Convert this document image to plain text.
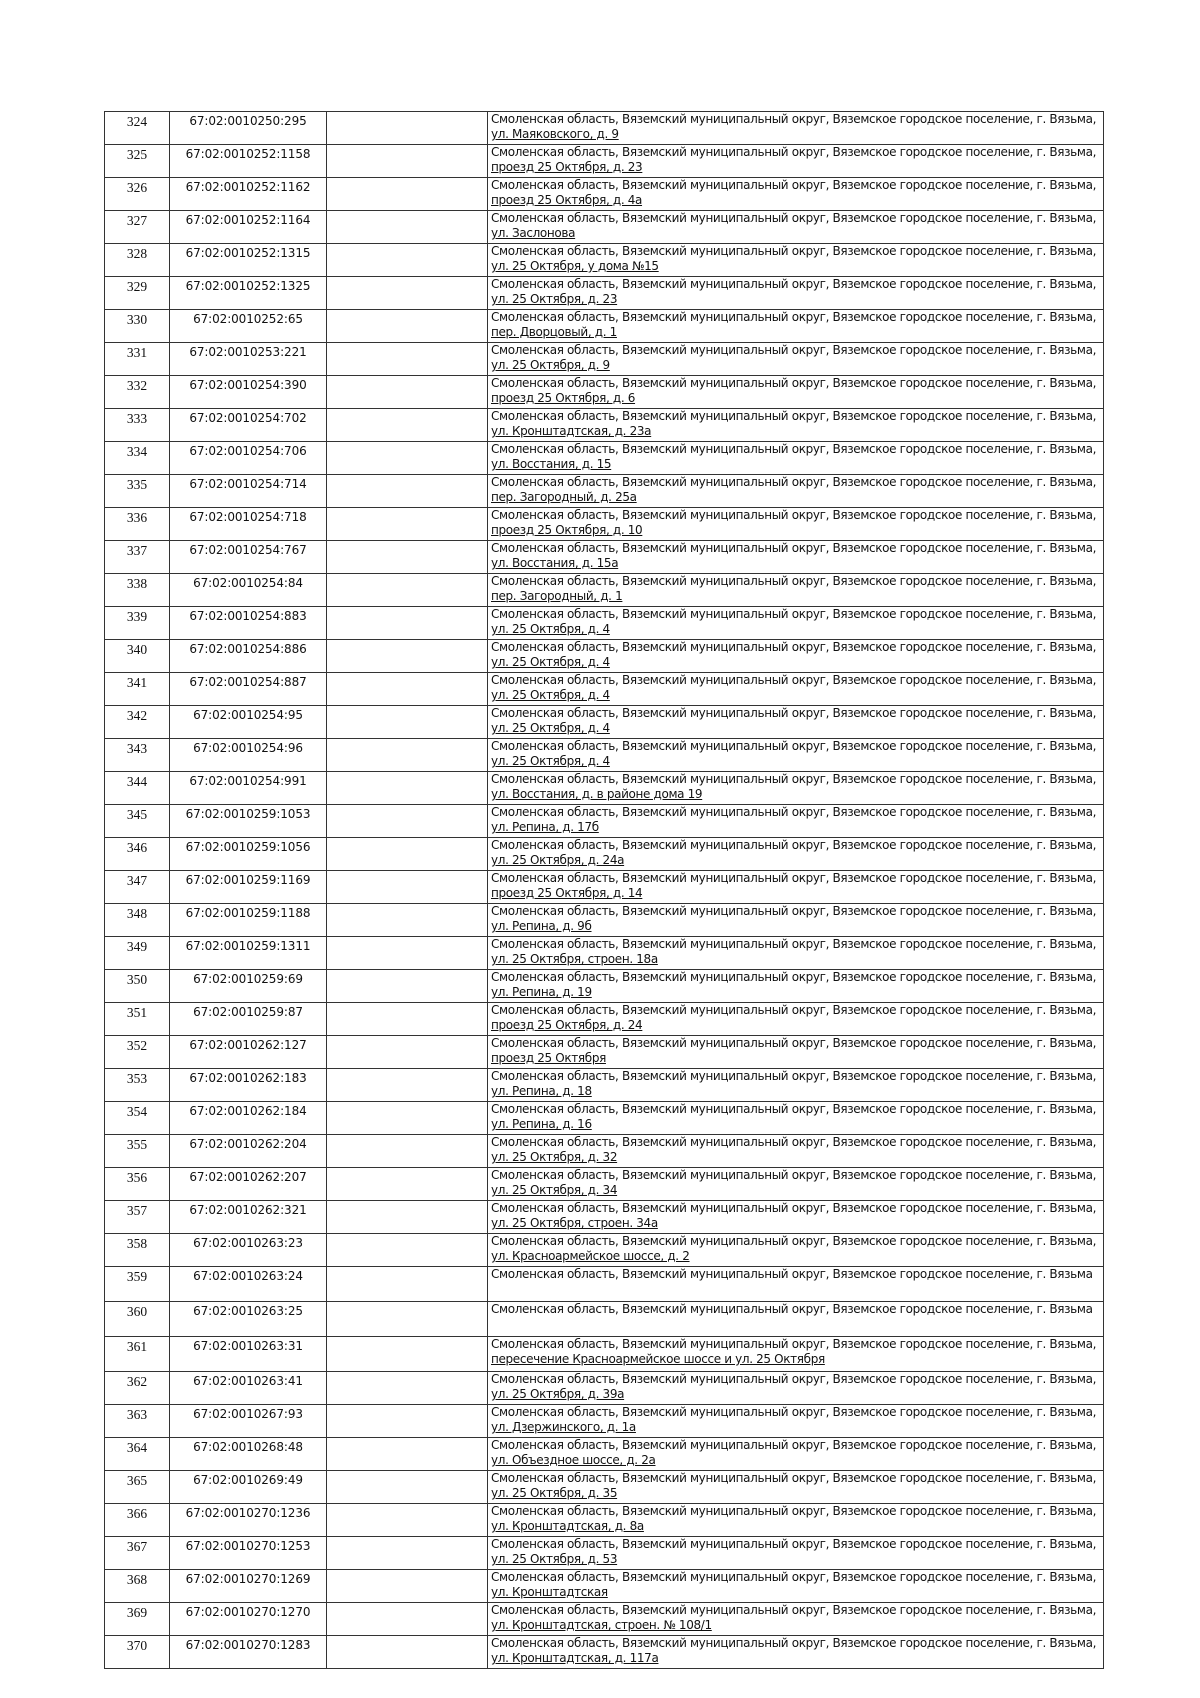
324	67:02:0010250:295		Смоленская область, Вяземский муниципальный округ, Вяземское городское поселение, г. Вязьма,
ул. Маяковского, д. 9

325	67:02:0010252:1158		Смоленская область, Вяземский муниципальный округ, Вяземское городское поселение, г. Вязьма,
проезд 25 Октября, д. 23

326	67:02:0010252:1162		Смоленская область, Вяземский муниципальный округ, Вяземское городское поселение, г. Вязьма,
проезд 25 Октября, д. 4а

327	67:02:0010252:1164		Смоленская область, Вяземский муниципальный округ, Вяземское городское поселение, г. Вязьма,
ул. Заслонова

328	67:02:0010252:1315		Смоленская область, Вяземский муниципальный округ, Вяземское городское поселение, г. Вязьма,
ул. 25 Октября, у дома №15

329	67:02:0010252:1325		Смоленская область, Вяземский муниципальный округ, Вяземское городское поселение, г. Вязьма,
ул. 25 Октября, д. 23

330	67:02:0010252:65		Смоленская область, Вяземский муниципальный округ, Вяземское городское поселение, г. Вязьма,
пер. Дворцовый, д. 1

331	67:02:0010253:221		Смоленская область, Вяземский муниципальный округ, Вяземское городское поселение, г. Вязьма,
ул. 25 Октября, д. 9

332	67:02:0010254:390		Смоленская область, Вяземский муниципальный округ, Вяземское городское поселение, г. Вязьма,
проезд 25 Октября, д. 6

333	67:02:0010254:702		Смоленская область, Вяземский муниципальный округ, Вяземское городское поселение, г. Вязьма,
ул. Кронштадтская, д. 23а

334	67:02:0010254:706		Смоленская область, Вяземский муниципальный округ, Вяземское городское поселение, г. Вязьма,
ул. Восстания, д. 15

335	67:02:0010254:714		Смоленская область, Вяземский муниципальный округ, Вяземское городское поселение, г. Вязьма,
пер. Загородный, д. 25а

336	67:02:0010254:718		Смоленская область, Вяземский муниципальный округ, Вяземское городское поселение, г. Вязьма,
проезд 25 Октября, д. 10

337	67:02:0010254:767		Смоленская область, Вяземский муниципальный округ, Вяземское городское поселение, г. Вязьма,
ул. Восстания, д. 15а

338	67:02:0010254:84		Смоленская область, Вяземский муниципальный округ, Вяземское городское поселение, г. Вязьма,
пер. Загородный, д. 1

339	67:02:0010254:883		Смоленская область, Вяземский муниципальный округ, Вяземское городское поселение, г. Вязьма,
ул. 25 Октября, д. 4

340	67:02:0010254:886		Смоленская область, Вяземский муниципальный округ, Вяземское городское поселение, г. Вязьма,
ул. 25 Октября, д. 4

341	67:02:0010254:887		Смоленская область, Вяземский муниципальный округ, Вяземское городское поселение, г. Вязьма,
ул. 25 Октября, д. 4

342	67:02:0010254:95		Смоленская область, Вяземский муниципальный округ, Вяземское городское поселение, г. Вязьма,
ул. 25 Октября, д. 4

343	67:02:0010254:96		Смоленская область, Вяземский муниципальный округ, Вяземское городское поселение, г. Вязьма,
ул. 25 Октября, д. 4

344	67:02:0010254:991		Смоленская область, Вяземский муниципальный округ, Вяземское городское поселение, г. Вязьма,
ул. Восстания, д. в районе дома 19

345	67:02:0010259:1053		Смоленская область, Вяземский муниципальный округ, Вяземское городское поселение, г. Вязьма,
ул. Репина, д. 17б

346	67:02:0010259:1056		Смоленская область, Вяземский муниципальный округ, Вяземское городское поселение, г. Вязьма,
ул. 25 Октября, д. 24а

347	67:02:0010259:1169		Смоленская область, Вяземский муниципальный округ, Вяземское городское поселение, г. Вязьма,
проезд 25 Октября, д. 14

348	67:02:0010259:1188		Смоленская область, Вяземский муниципальный округ, Вяземское городское поселение, г. Вязьма,
ул. Репина, д. 9б

349	67:02:0010259:1311		Смоленская область, Вяземский муниципальный округ, Вяземское городское поселение, г. Вязьма,
ул. 25 Октября, строен. 18а

350	67:02:0010259:69		Смоленская область, Вяземский муниципальный округ, Вяземское городское поселение, г. Вязьма,
ул. Репина, д. 19

351	67:02:0010259:87		Смоленская область, Вяземский муниципальный округ, Вяземское городское поселение, г. Вязьма,
проезд 25 Октября, д. 24

352	67:02:0010262:127		Смоленская область, Вяземский муниципальный округ, Вяземское городское поселение, г. Вязьма,
проезд 25 Октября

353	67:02:0010262:183		Смоленская область, Вяземский муниципальный округ, Вяземское городское поселение, г. Вязьма,
ул. Репина, д. 18

354	67:02:0010262:184		Смоленская область, Вяземский муниципальный округ, Вяземское городское поселение, г. Вязьма,
ул. Репина, д. 16

355	67:02:0010262:204		Смоленская область, Вяземский муниципальный округ, Вяземское городское поселение, г. Вязьма,
ул. 25 Октября, д. 32

356	67:02:0010262:207		Смоленская область, Вяземский муниципальный округ, Вяземское городское поселение, г. Вязьма,
ул. 25 Октября, д. 34

357	67:02:0010262:321		Смоленская область, Вяземский муниципальный округ, Вяземское городское поселение, г. Вязьма,
ул. 25 Октября, строен. 34а

358	67:02:0010263:23		Смоленская область, Вяземский муниципальный округ, Вяземское городское поселение, г. Вязьма,
ул. Красноармейское шоссе, д. 2

359	67:02:0010263:24		Смоленская область, Вяземский муниципальный округ, Вяземское городское поселение, г. Вязьма

360	67:02:0010263:25		Смоленская область, Вяземский муниципальный округ, Вяземское городское поселение, г. Вязьма

361	67:02:0010263:31		Смоленская область, Вяземский муниципальный округ, Вяземское городское поселение, г. Вязьма,
пересечение Красноармейское шоссе и ул. 25 Октября

362	67:02:0010263:41		Смоленская область, Вяземский муниципальный округ, Вяземское городское поселение, г. Вязьма,
ул. 25 Октября, д. 39а

363	67:02:0010267:93		Смоленская область, Вяземский муниципальный округ, Вяземское городское поселение, г. Вязьма,
ул. Дзержинского, д. 1а

364	67:02:0010268:48		Смоленская область, Вяземский муниципальный округ, Вяземское городское поселение, г. Вязьма,
ул. Объездное шоссе, д. 2а

365	67:02:0010269:49		Смоленская область, Вяземский муниципальный округ, Вяземское городское поселение, г. Вязьма,
ул. 25 Октября, д. 35

366	67:02:0010270:1236		Смоленская область, Вяземский муниципальный округ, Вяземское городское поселение, г. Вязьма,
ул. Кронштадтская, д. 8а

367	67:02:0010270:1253		Смоленская область, Вяземский муниципальный округ, Вяземское городское поселение, г. Вязьма,
ул. 25 Октября, д. 53

368	67:02:0010270:1269		Смоленская область, Вяземский муниципальный округ, Вяземское городское поселение, г. Вязьма,
ул. Кронштадтская

369	67:02:0010270:1270		Смоленская область, Вяземский муниципальный округ, Вяземское городское поселение, г. Вязьма,
ул. Кронштадтская, строен. № 108/1

370	67:02:0010270:1283		Смоленская область, Вяземский муниципальный округ, Вяземское городское поселение, г. Вязьма,
ул. Кронштадтская, д. 117а
